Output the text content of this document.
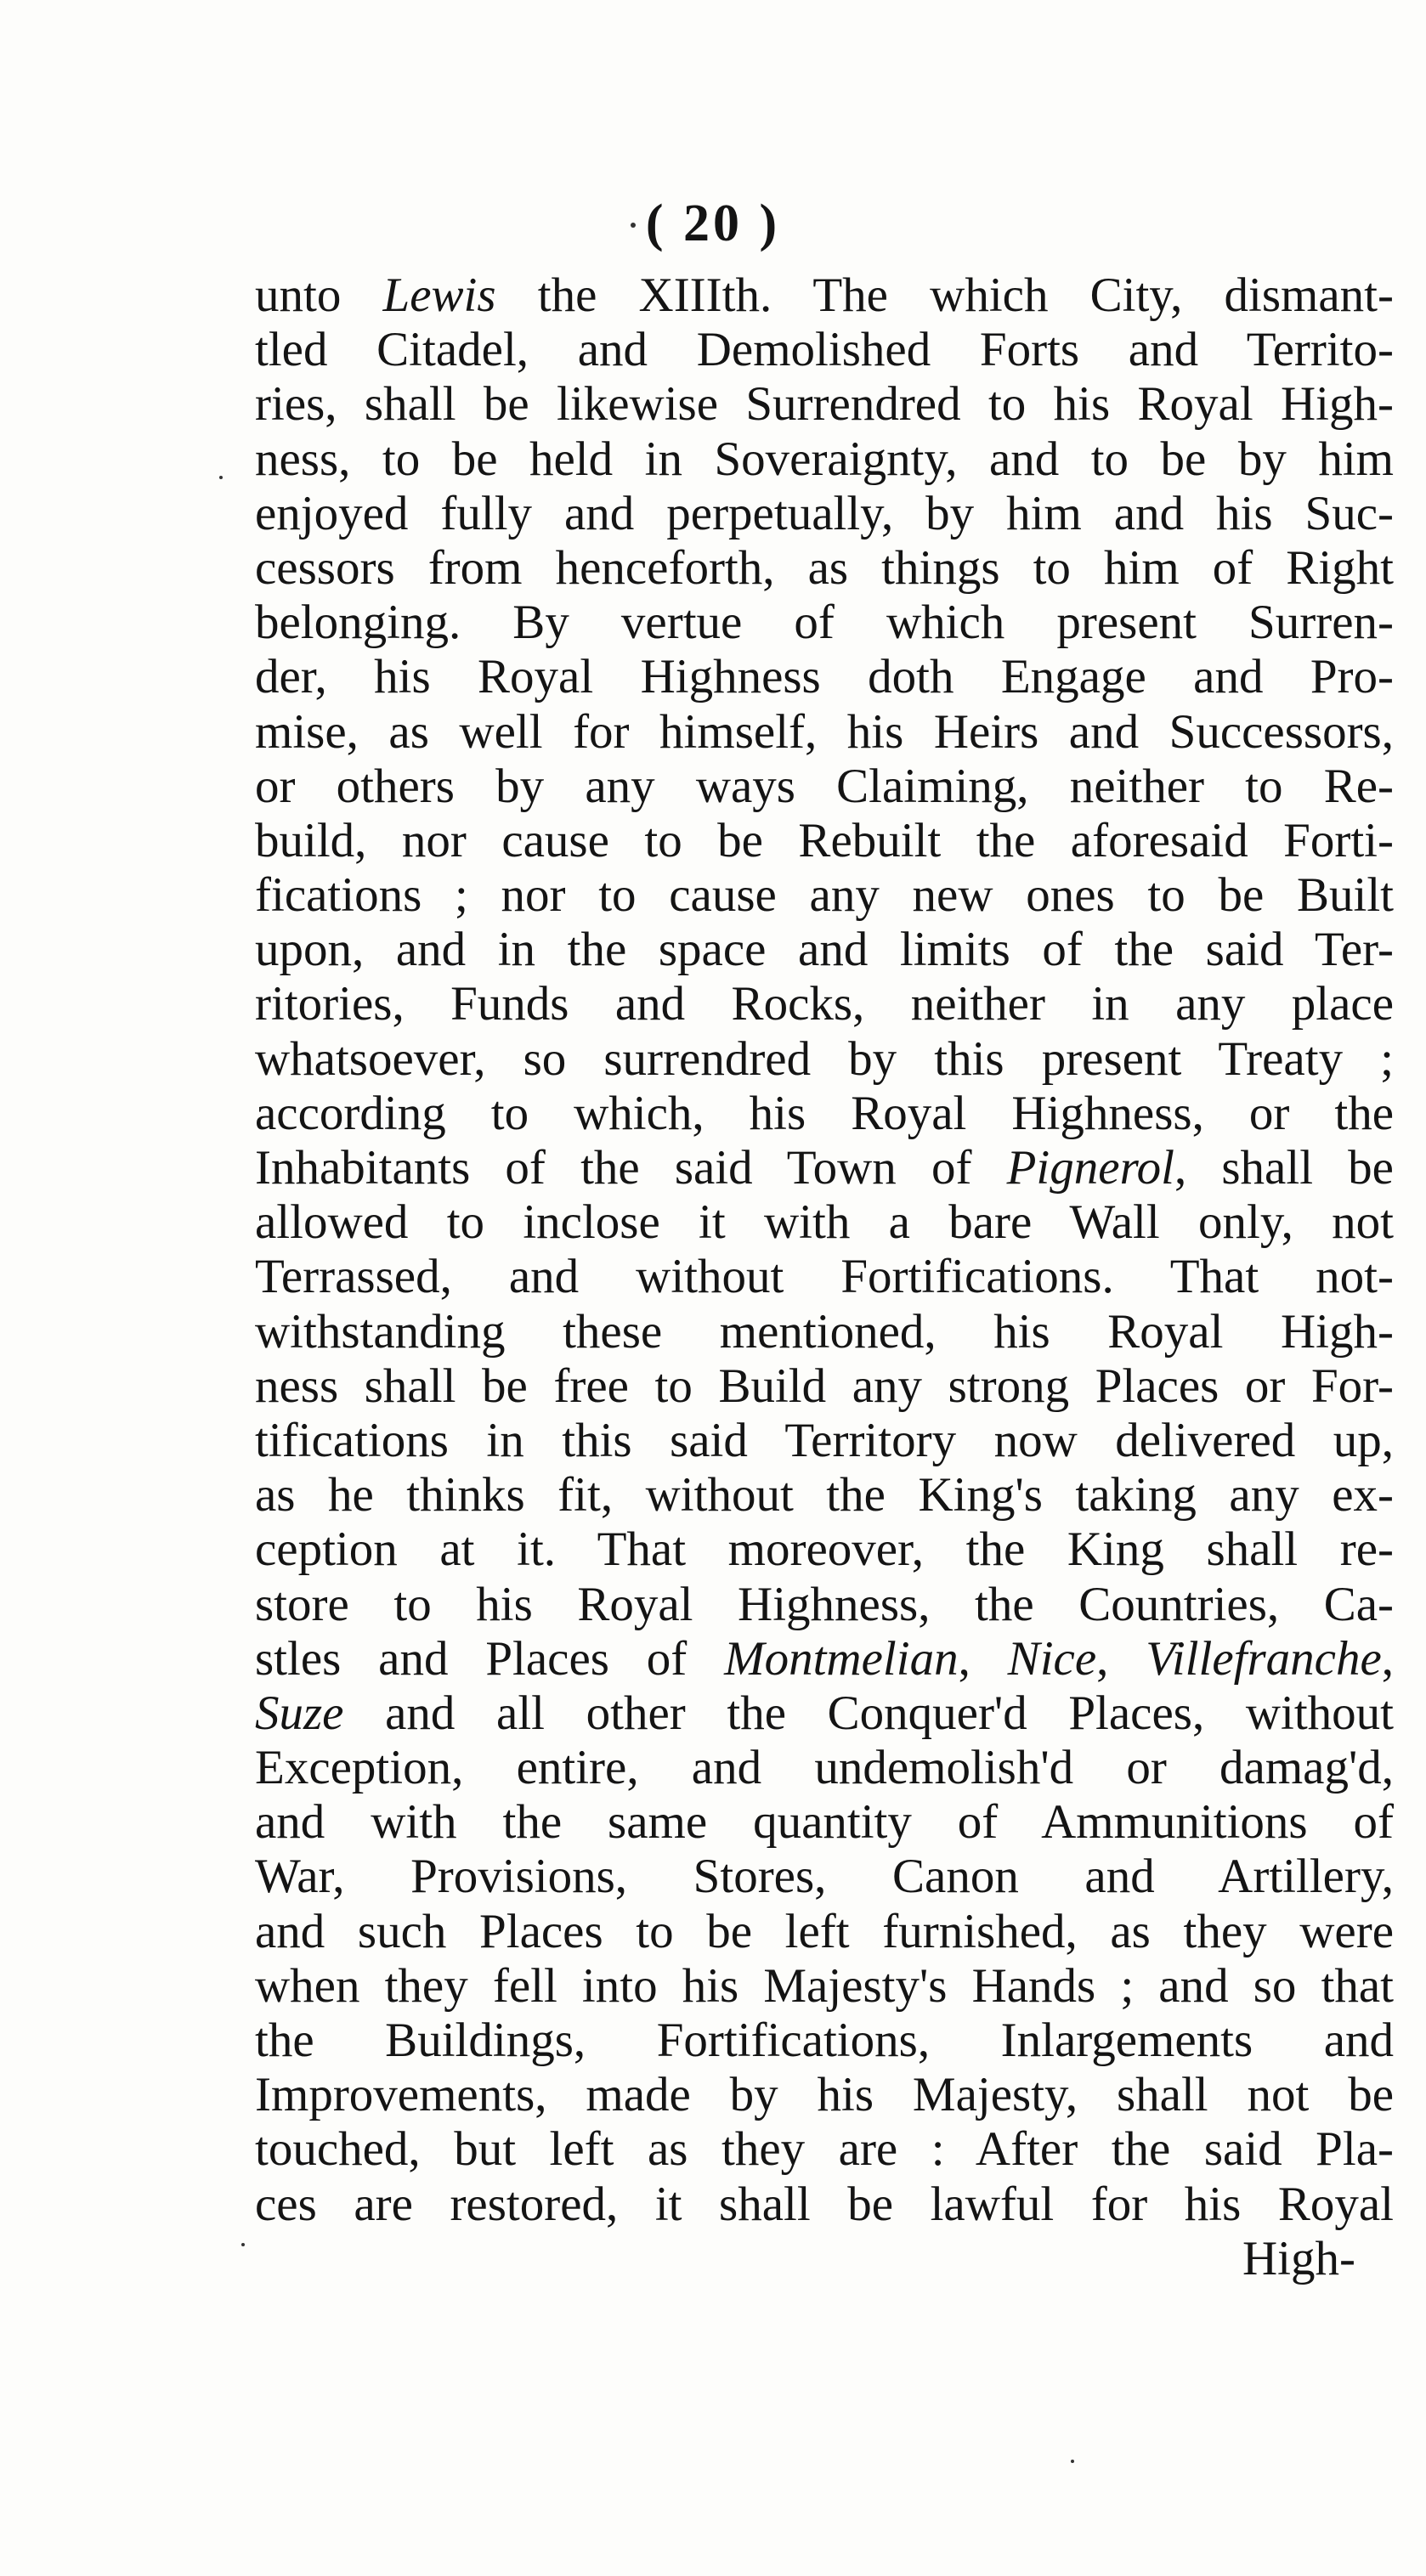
( 20 )
unto Lewis the XIIIth. The which City, dismant-
tled Citadel, and Demolished Forts and Territo-
ries, shall be likewise Surrendred to his Royal High-
ness, to be held in Soveraignty, and to be by him
enjoyed fully and perpetually, by him and his Suc-
cessors from henceforth, as things to him of Right
belonging. By vertue of which present Surren-
der, his Royal Highness doth Engage and Pro-
mise, as well for himself, his Heirs and Successors,
or others by any ways Claiming, neither to Re-
build, nor cause to be Rebuilt the aforesaid Forti-
fications ; nor to cause any new ones to be Built
upon, and in the space and limits of the said Ter-
ritories, Funds and Rocks, neither in any place
whatsoever, so surrendred by this present Treaty ;
according to which, his Royal Highness, or the
Inhabitants of the said Town of Pignerol, shall be
allowed to inclose it with a bare Wall only, not
Terrassed, and without Fortifications. That not-
withstanding these mentioned, his Royal High-
ness shall be free to Build any strong Places or For-
tifications in this said Territory now delivered up,
as he thinks fit, without the King's taking any ex-
ception at it. That moreover, the King shall re-
store to his Royal Highness, the Countries, Ca-
stles and Places of Montmelian, Nice, Villefranche,
Suze and all other the Conquer'd Places, without
Exception, entire, and undemolish'd or damag'd,
and with the same quantity of Ammunitions of
War, Provisions, Stores, Canon and Artillery,
and such Places to be left furnished, as they were
when they fell into his Majesty's Hands ; and so that
the Buildings, Fortifications, Inlargements and
Improvements, made by his Majesty, shall not be
touched, but left as they are : After the said Pla-
ces are restored, it shall be lawful for his Royal
High-
